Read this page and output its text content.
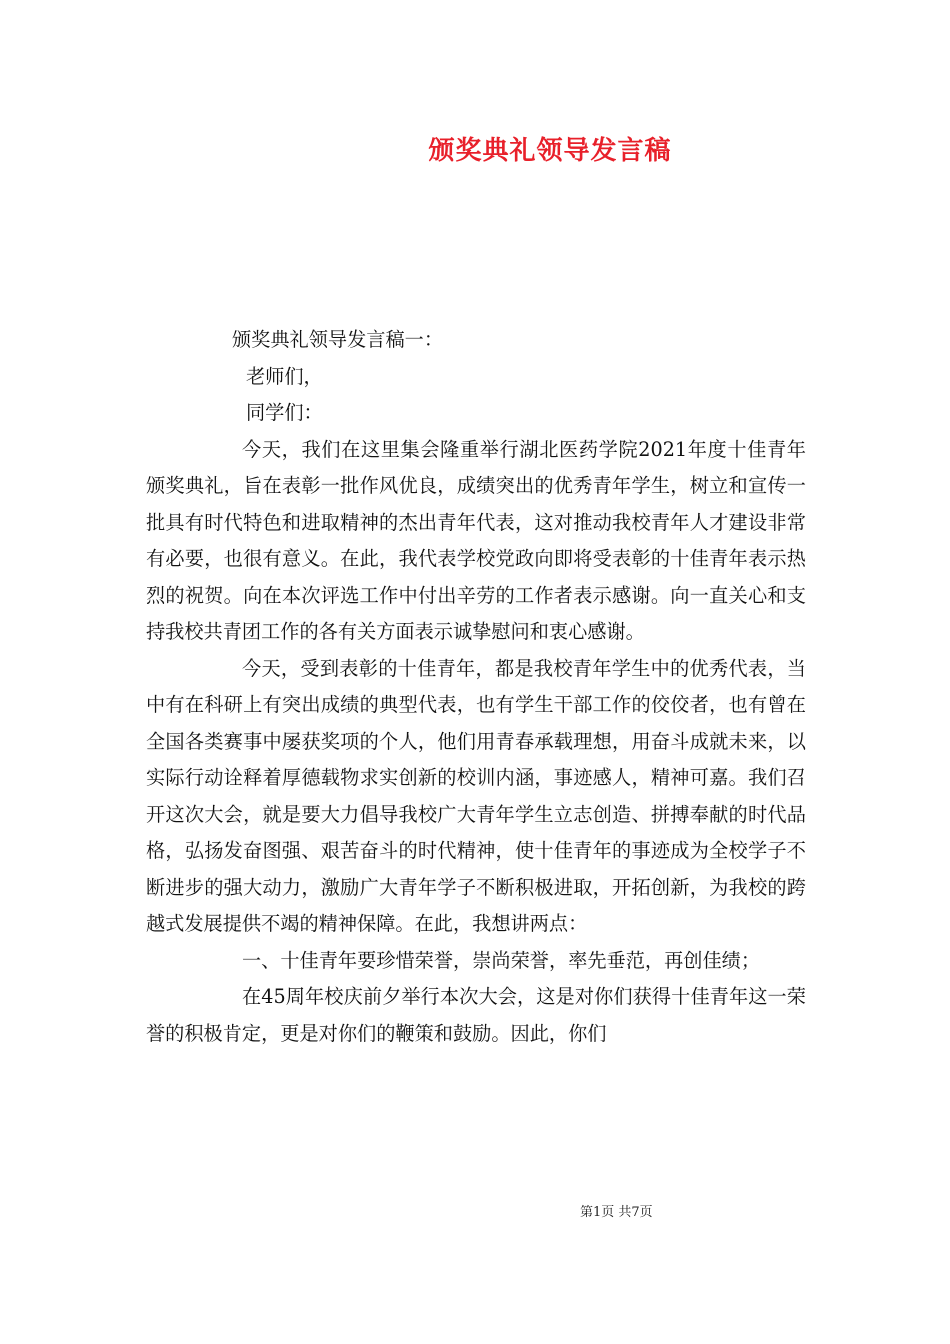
颁奖典礼领导发言稿

颁奖典礼领导发言稿一：

老师们，

同学们：

今天，我们在这里集会隆重举行湖北医药学院2021年度十佳青年颁奖典礼，旨在表彰一批作风优良，成绩突出的优秀青年学生，树立和宣传一批具有时代特色和进取精神的杰出青年代表，这对推动我校青年人才建设非常有必要，也很有意义。在此，我代表学校党政向即将受表彰的十佳青年表示热烈的祝贺。向在本次评选工作中付出辛劳的工作者表示感谢。向一直关心和支持我校共青团工作的各有关方面表示诚挚慰问和衷心感谢。

今天，受到表彰的十佳青年，都是我校青年学生中的优秀代表，当中有在科研上有突出成绩的典型代表，也有学生干部工作的佼佼者，也有曾在全国各类赛事中屡获奖项的个人，他们用青春承载理想，用奋斗成就未来，以实际行动诠释着厚德载物求实创新的校训内涵，事迹感人，精神可嘉。我们召开这次大会，就是要大力倡导我校广大青年学生立志创造、拼搏奉献的时代品格，弘扬发奋图强、艰苦奋斗的时代精神，使十佳青年的事迹成为全校学子不断进步的强大动力，激励广大青年学子不断积极进取，开拓创新，为我校的跨越式发展提供不竭的精神保障。在此，我想讲两点：

一、十佳青年要珍惜荣誉，崇尚荣誉，率先垂范，再创佳绩；

在45周年校庆前夕举行本次大会，这是对你们获得十佳青年这一荣誉的积极肯定，更是对你们的鞭策和鼓励。因此，你们

第1页 共7页
